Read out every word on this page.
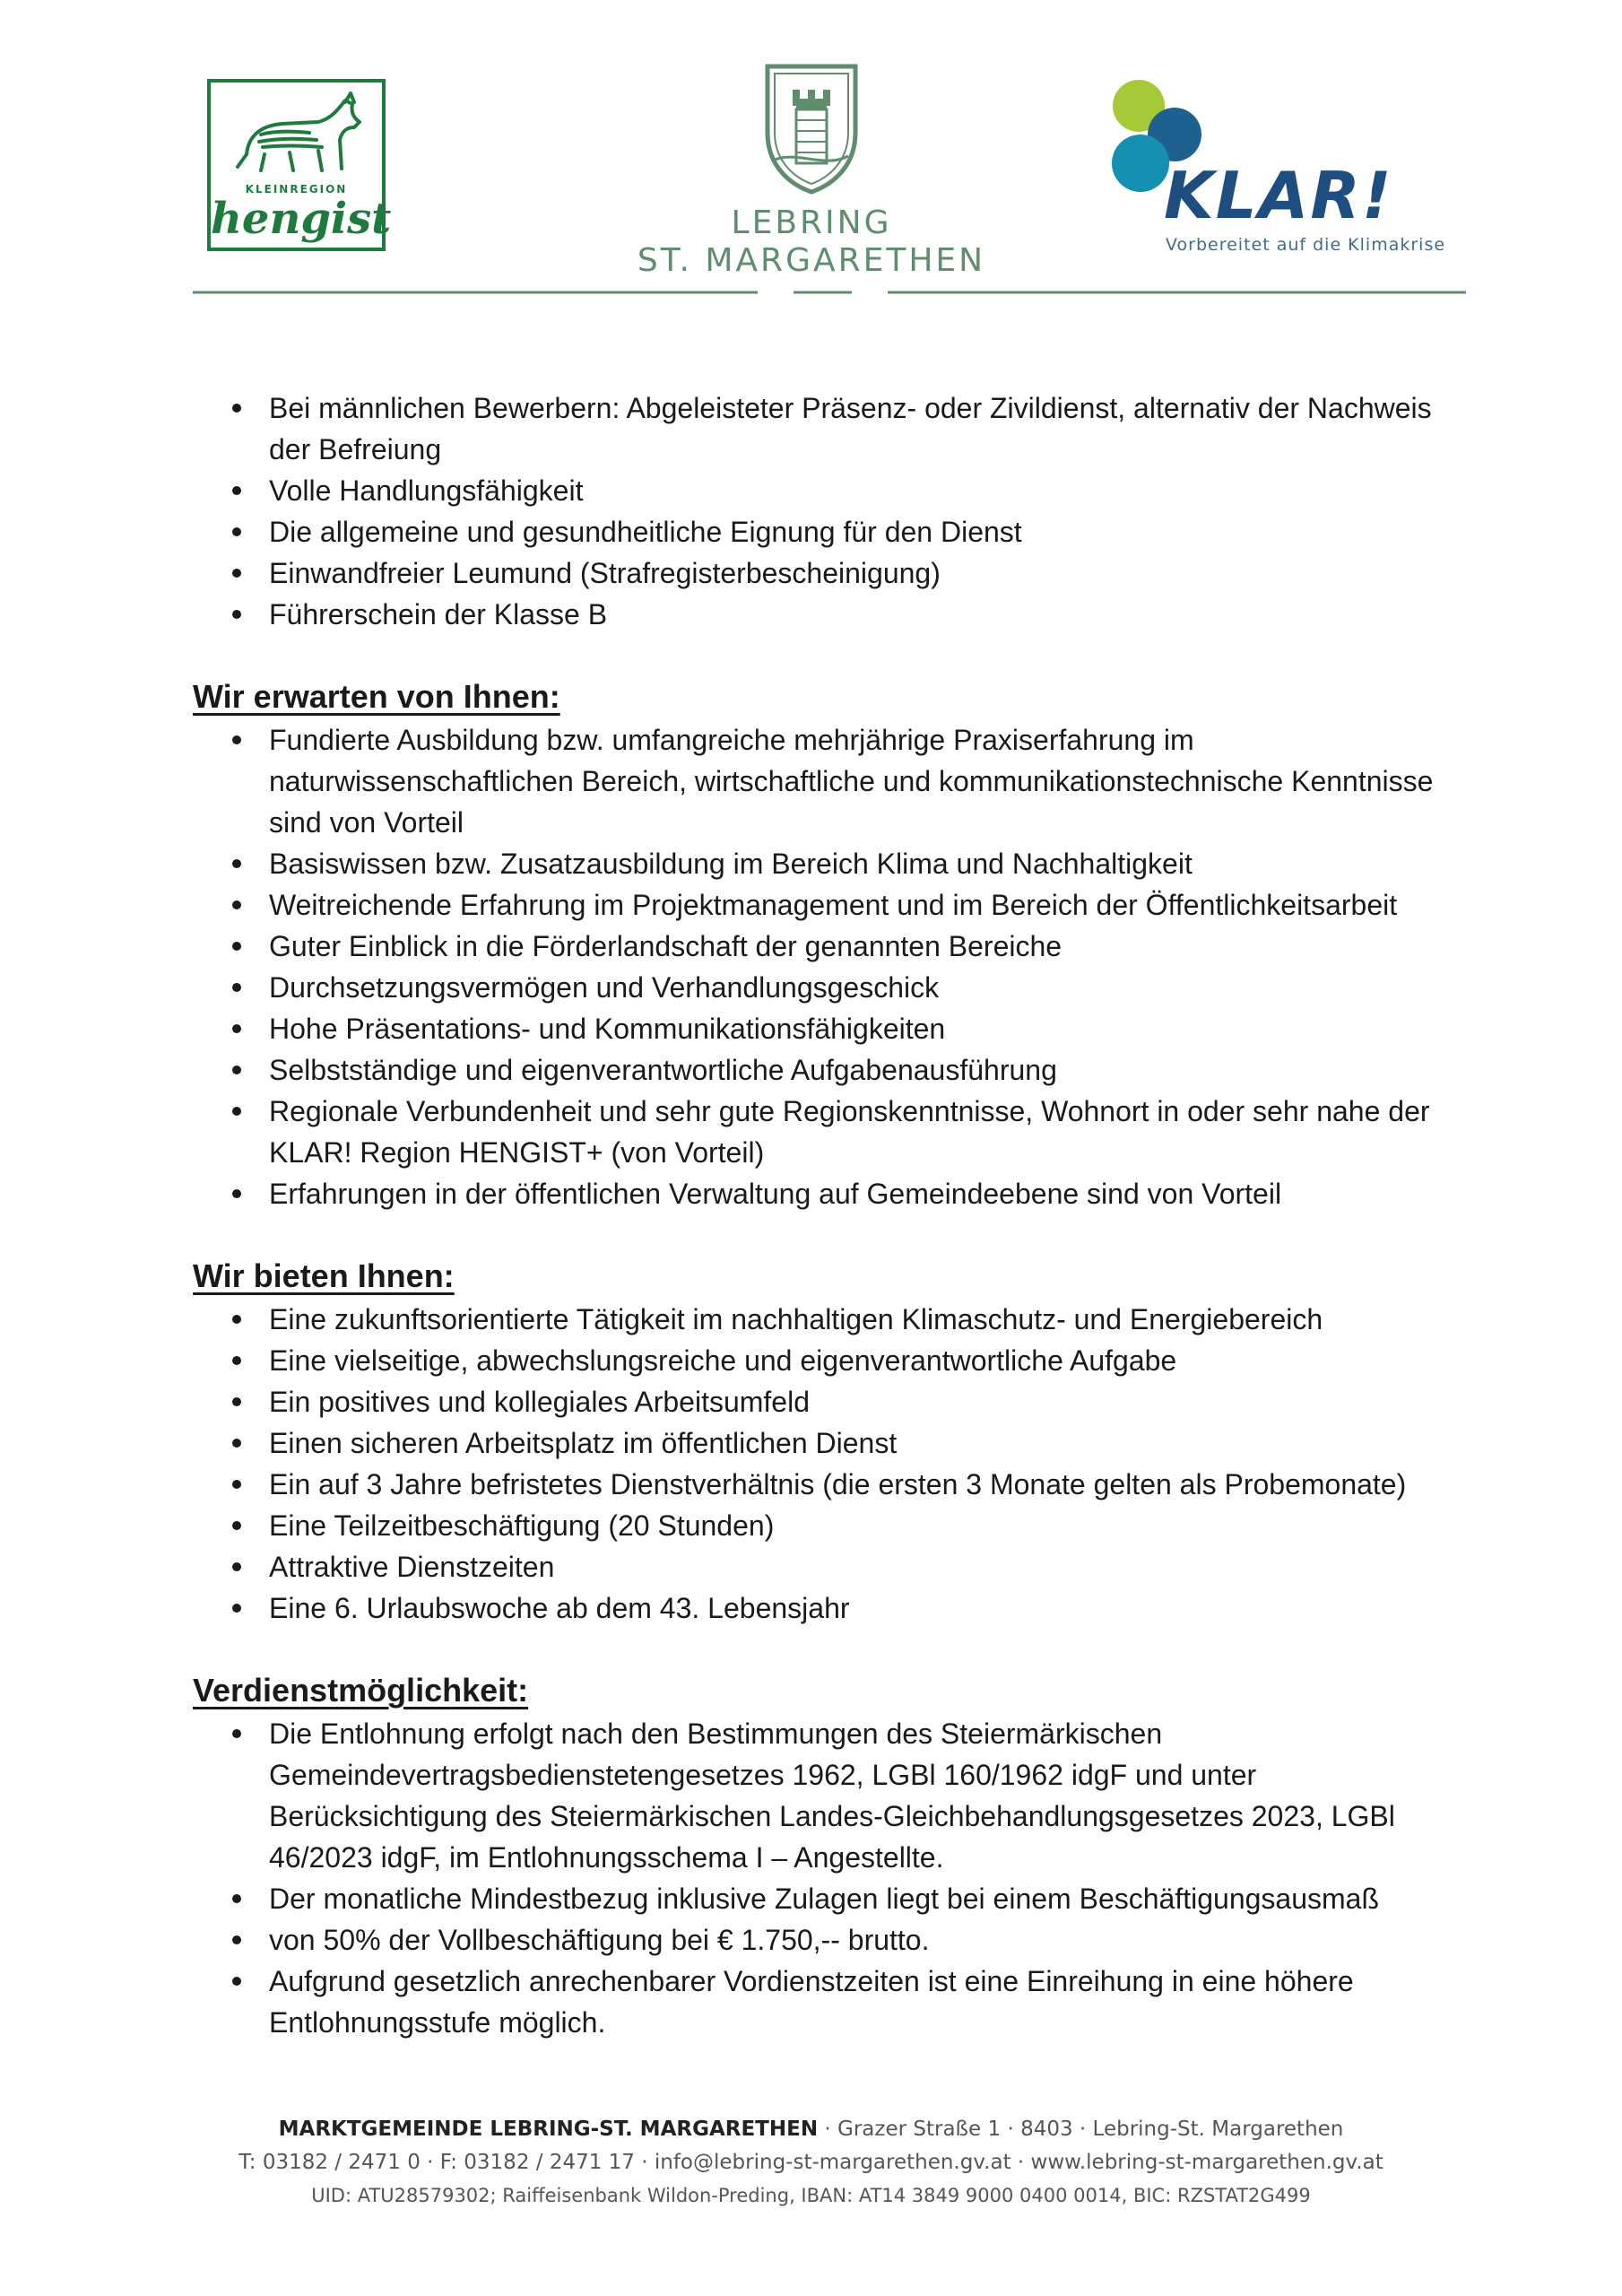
KLEINREGION
hengist	LEBRING
ST. MARGARETHEN
KLAR!
Vorbereitet auf die Klimakrise
Bei männlichen Bewerbern: Abgeleisteter Präsenz- oder Zivildienst, alternativ der Nachweis der Befreiung
Volle Handlungsfähigkeit
Die allgemeine und gesundheitliche Eignung für den Dienst
Einwandfreier Leumund (Strafregisterbescheinigung)
Führerschein der Klasse B
Wir erwarten von Ihnen:
Fundierte Ausbildung bzw. umfangreiche mehrjährige Praxiserfahrung im naturwissenschaftlichen Bereich, wirtschaftliche und kommunikationstechnische Kenntnisse sind von Vorteil
Basiswissen bzw. Zusatzausbildung im Bereich Klima und Nachhaltigkeit
Weitreichende Erfahrung im Projektmanagement und im Bereich der Öffentlichkeitsarbeit
Guter Einblick in die Förderlandschaft der genannten Bereiche
Durchsetzungsvermögen und Verhandlungsgeschick
Hohe Präsentations- und Kommunikationsfähigkeiten
Selbstständige und eigenverantwortliche Aufgabenausführung
Regionale Verbundenheit und sehr gute Regionskenntnisse, Wohnort in oder sehr nahe der KLAR! Region HENGIST+ (von Vorteil)
Erfahrungen in der öffentlichen Verwaltung auf Gemeindeebene sind von Vorteil
Wir bieten Ihnen:
Eine zukunftsorientierte Tätigkeit im nachhaltigen Klimaschutz- und Energiebereich
Eine vielseitige, abwechslungsreiche und eigenverantwortliche Aufgabe
Ein positives und kollegiales Arbeitsumfeld
Einen sicheren Arbeitsplatz im öffentlichen Dienst
Ein auf 3 Jahre befristetes Dienstverhältnis (die ersten 3 Monate gelten als Probemonate)
Eine Teilzeitbeschäftigung (20 Stunden)
Attraktive Dienstzeiten
Eine 6. Urlaubswoche ab dem 43. Lebensjahr
Verdienstmöglichkeit:
Die Entlohnung erfolgt nach den Bestimmungen des Steiermärkischen Gemeindevertragsbedienstetengesetzes 1962, LGBl 160/1962 idgF und unter Berücksichtigung des Steiermärkischen Landes-Gleichbehandlungsgesetzes 2023, LGBl 46/2023 idgF, im Entlohnungsschema I – Angestellte.
Der monatliche Mindestbezug inklusive Zulagen liegt bei einem Beschäftigungsausmaß
von 50% der Vollbeschäftigung bei € 1.750,-- brutto.
Aufgrund gesetzlich anrechenbarer Vordienstzeiten ist eine Einreihung in eine höhere Entlohnungsstufe möglich.
MARKTGEMEINDE LEBRING-ST. MARGARETHEN · Grazer Straße 1 · 8403 · Lebring-St. Margarethen
T: 03182 / 2471 0 · F: 03182 / 2471 17 · info@lebring-st-margarethen.gv.at · www.lebring-st-margarethen.gv.at
UID: ATU28579302; Raiffeisenbank Wildon-Preding, IBAN: AT14 3849 9000 0400 0014, BIC: RZSTAT2G499
